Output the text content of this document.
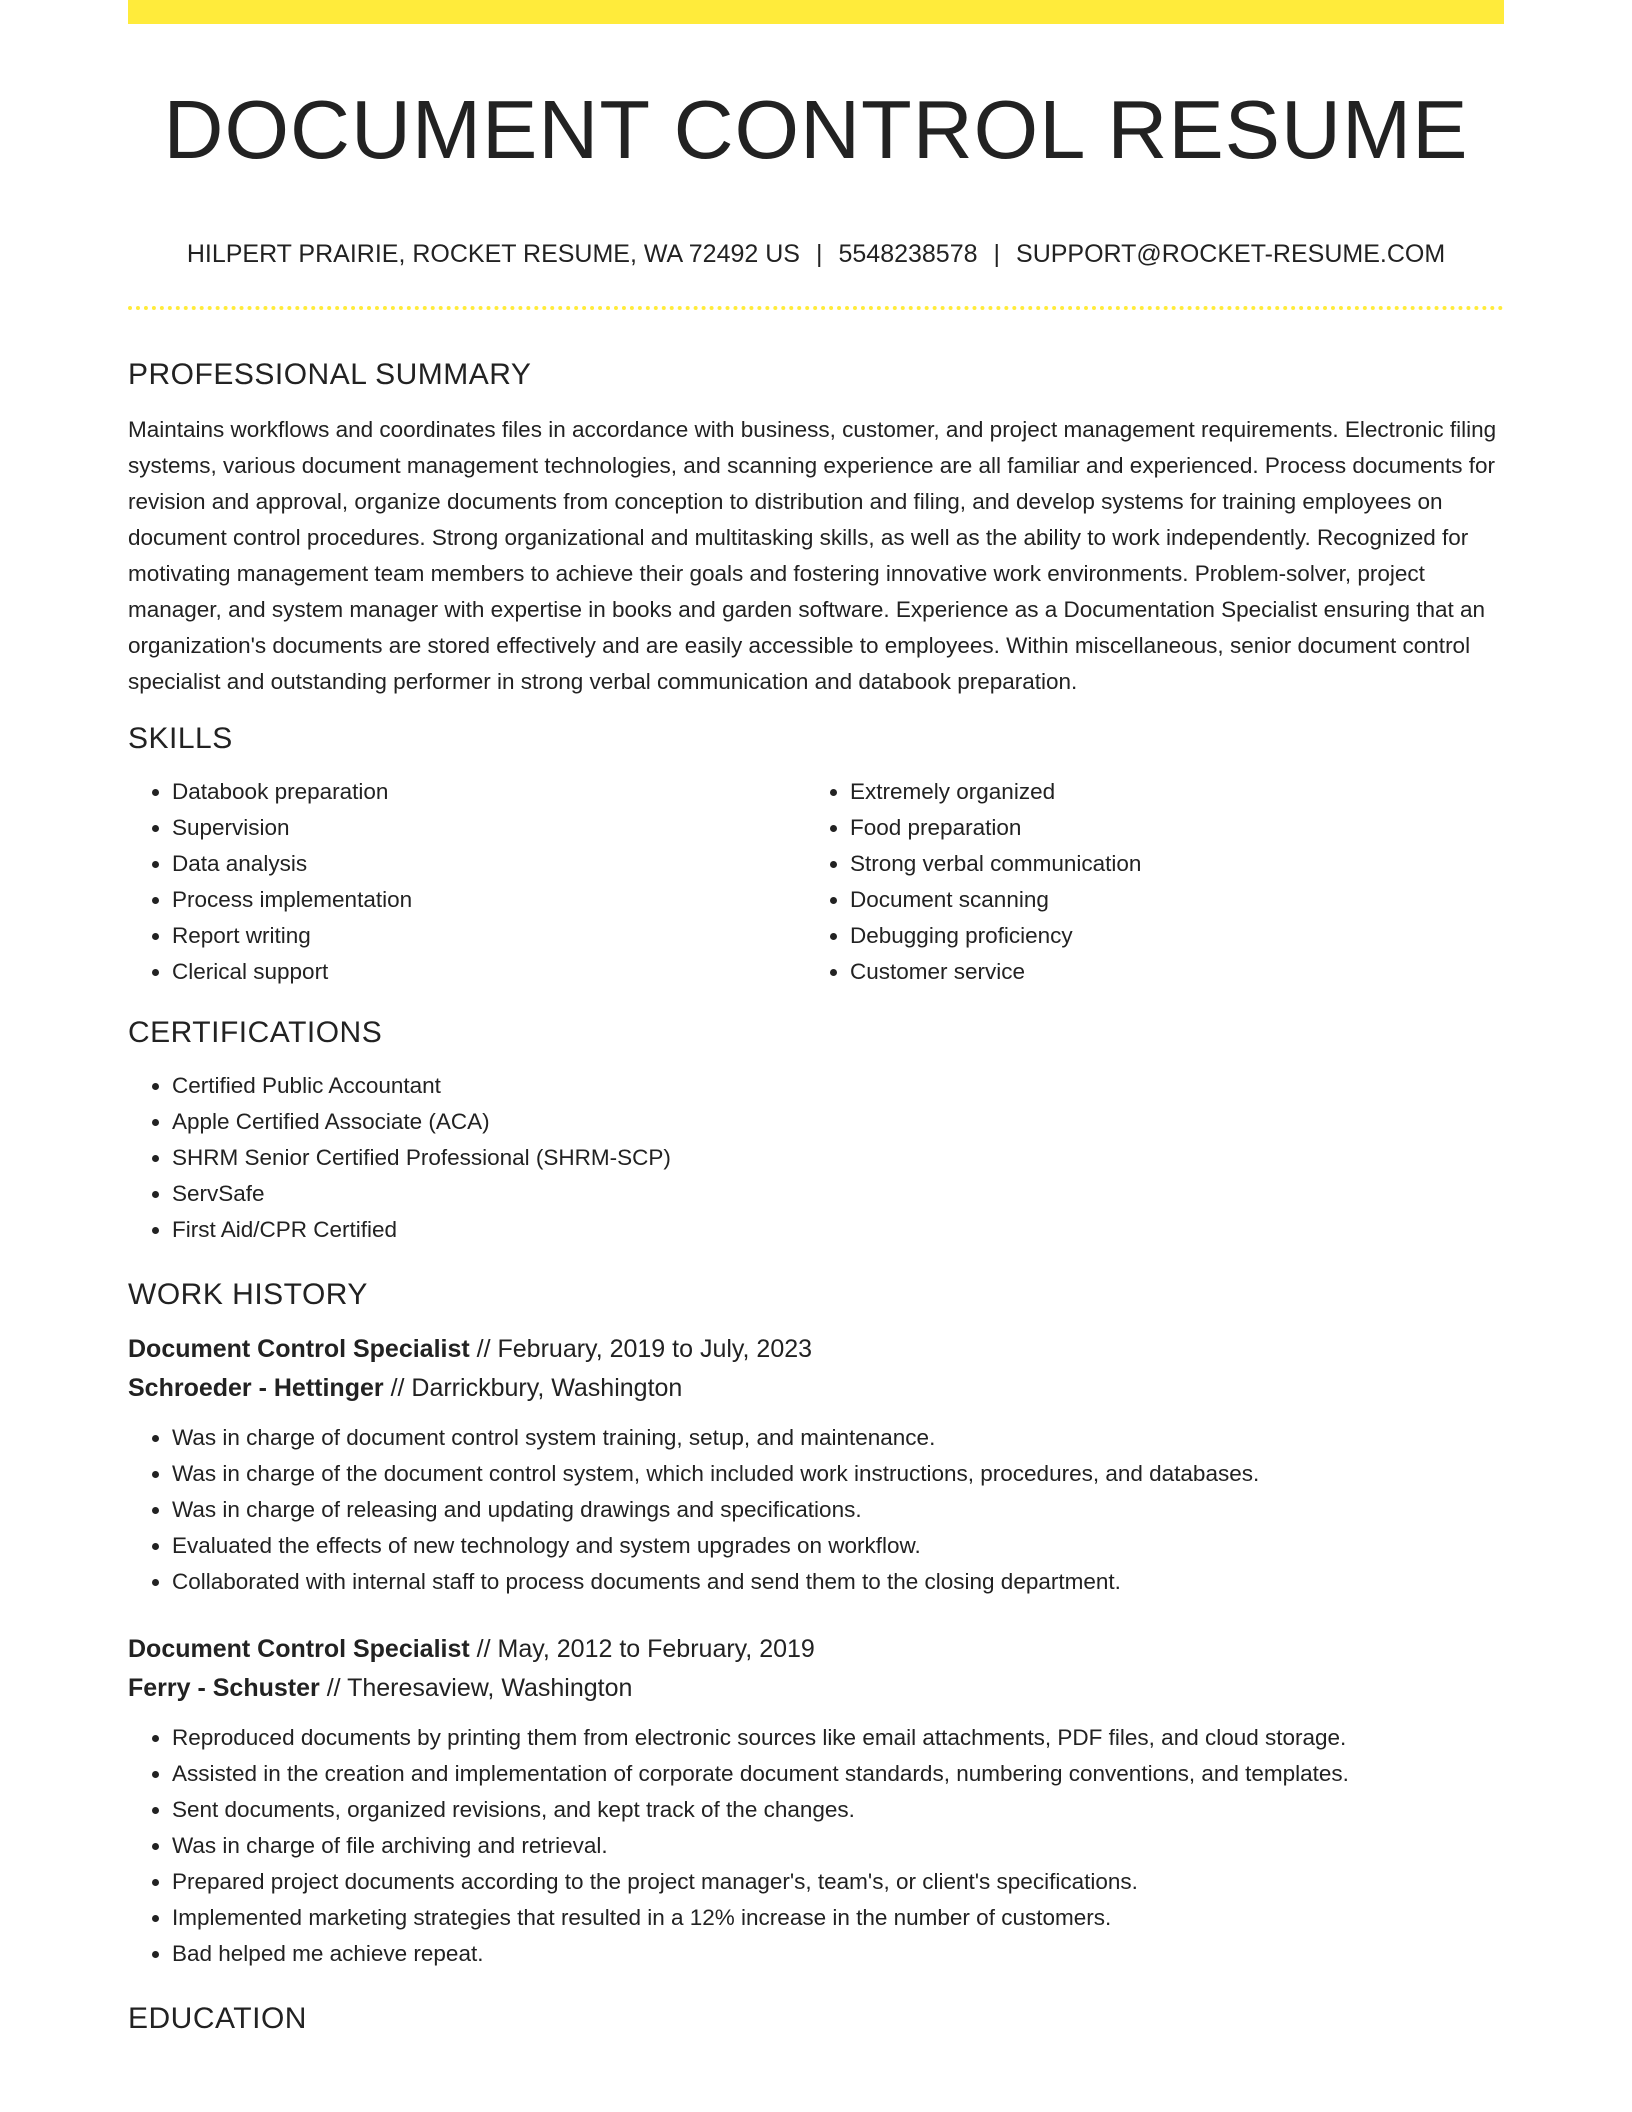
DOCUMENT CONTROL RESUME
HILPERT PRAIRIE, ROCKET RESUME, WA 72492 US | 5548238578 | SUPPORT@ROCKET-RESUME.COM
PROFESSIONAL SUMMARY

Maintains workflows and coordinates files in accordance with business, customer, and project management requirements. Electronic filing systems, various document management technologies, and scanning experience are all familiar and experienced. Process documents for revision and approval, organize documents from conception to distribution and filing, and develop systems for training employees on document control procedures. Strong organizational and multitasking skills, as well as the ability to work independently. Recognized for motivating management team members to achieve their goals and fostering innovative work environments. Problem-solver, project manager, and system manager with expertise in books and garden software. Experience as a Documentation Specialist ensuring that an organization's documents are stored effectively and are easily accessible to employees. Within miscellaneous, senior document control specialist and outstanding performer in strong verbal communication and databook preparation.

SKILLS
• Databook preparation
• Supervision
• Data analysis
• Process implementation
• Report writing
• Clerical support
• Extremely organized
• Food preparation
• Strong verbal communication
• Document scanning
• Debugging proficiency
• Customer service
CERTIFICATIONS
• Certified Public Accountant
• Apple Certified Associate (ACA)
• SHRM Senior Certified Professional (SHRM-SCP)
• ServSafe
• First Aid/CPR Certified
WORK HISTORY
Document Control Specialist // February, 2019 to July, 2023
Schroeder - Hettinger // Darrickbury, Washington
• Was in charge of document control system training, setup, and maintenance.
• Was in charge of the document control system, which included work instructions, procedures, and databases.
• Was in charge of releasing and updating drawings and specifications.
• Evaluated the effects of new technology and system upgrades on workflow.
• Collaborated with internal staff to process documents and send them to the closing department.
Document Control Specialist // May, 2012 to February, 2019
Ferry - Schuster // Theresaview, Washington
• Reproduced documents by printing them from electronic sources like email attachments, PDF files, and cloud storage.
• Assisted in the creation and implementation of corporate document standards, numbering conventions, and templates.
• Sent documents, organized revisions, and kept track of the changes.
• Was in charge of file archiving and retrieval.
• Prepared project documents according to the project manager's, team's, or client's specifications.
• Implemented marketing strategies that resulted in a 12% increase in the number of customers.
• Bad helped me achieve repeat.
EDUCATION
